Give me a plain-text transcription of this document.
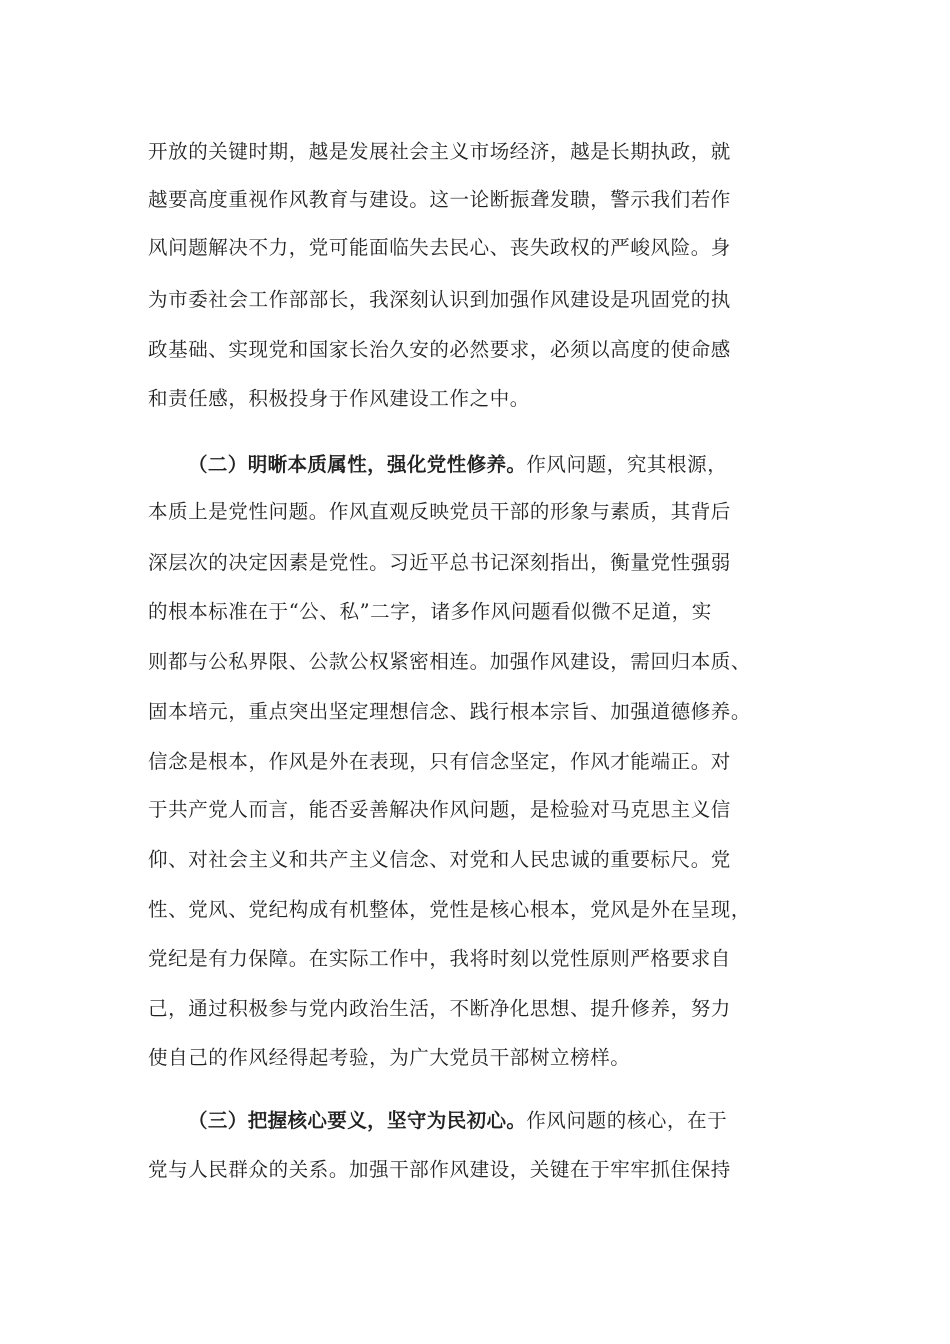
开放的关键时期，越是发展社会主义市场经济，越是长期执政，就
越要高度重视作风教育与建设。这一论断振聋发聩，警示我们若作
风问题解决不力，党可能面临失去民心、丧失政权的严峻风险。身
为市委社会工作部部长，我深刻认识到加强作风建设是巩固党的执
政基础、实现党和国家长治久安的必然要求，必须以高度的使命感
和责任感，积极投身于作风建设工作之中。
（二）明晰本质属性，强化党性修养。作风问题，究其根源，
本质上是党性问题。作风直观反映党员干部的形象与素质，其背后
深层次的决定因素是党性。习近平总书记深刻指出，衡量党性强弱
的根本标准在于“公、私”二字，诸多作风问题看似微不足道，实
则都与公私界限、公款公权紧密相连。加强作风建设，需回归本质、
固本培元，重点突出坚定理想信念、践行根本宗旨、加强道德修养。
信念是根本，作风是外在表现，只有信念坚定，作风才能端正。对
于共产党人而言，能否妥善解决作风问题，是检验对马克思主义信
仰、对社会主义和共产主义信念、对党和人民忠诚的重要标尺。党
性、党风、党纪构成有机整体，党性是核心根本，党风是外在呈现，
党纪是有力保障。在实际工作中，我将时刻以党性原则严格要求自
己，通过积极参与党内政治生活，不断净化思想、提升修养，努力
使自己的作风经得起考验，为广大党员干部树立榜样。
（三）把握核心要义，坚守为民初心。作风问题的核心，在于
党与人民群众的关系。加强干部作风建设，关键在于牢牢抓住保持
